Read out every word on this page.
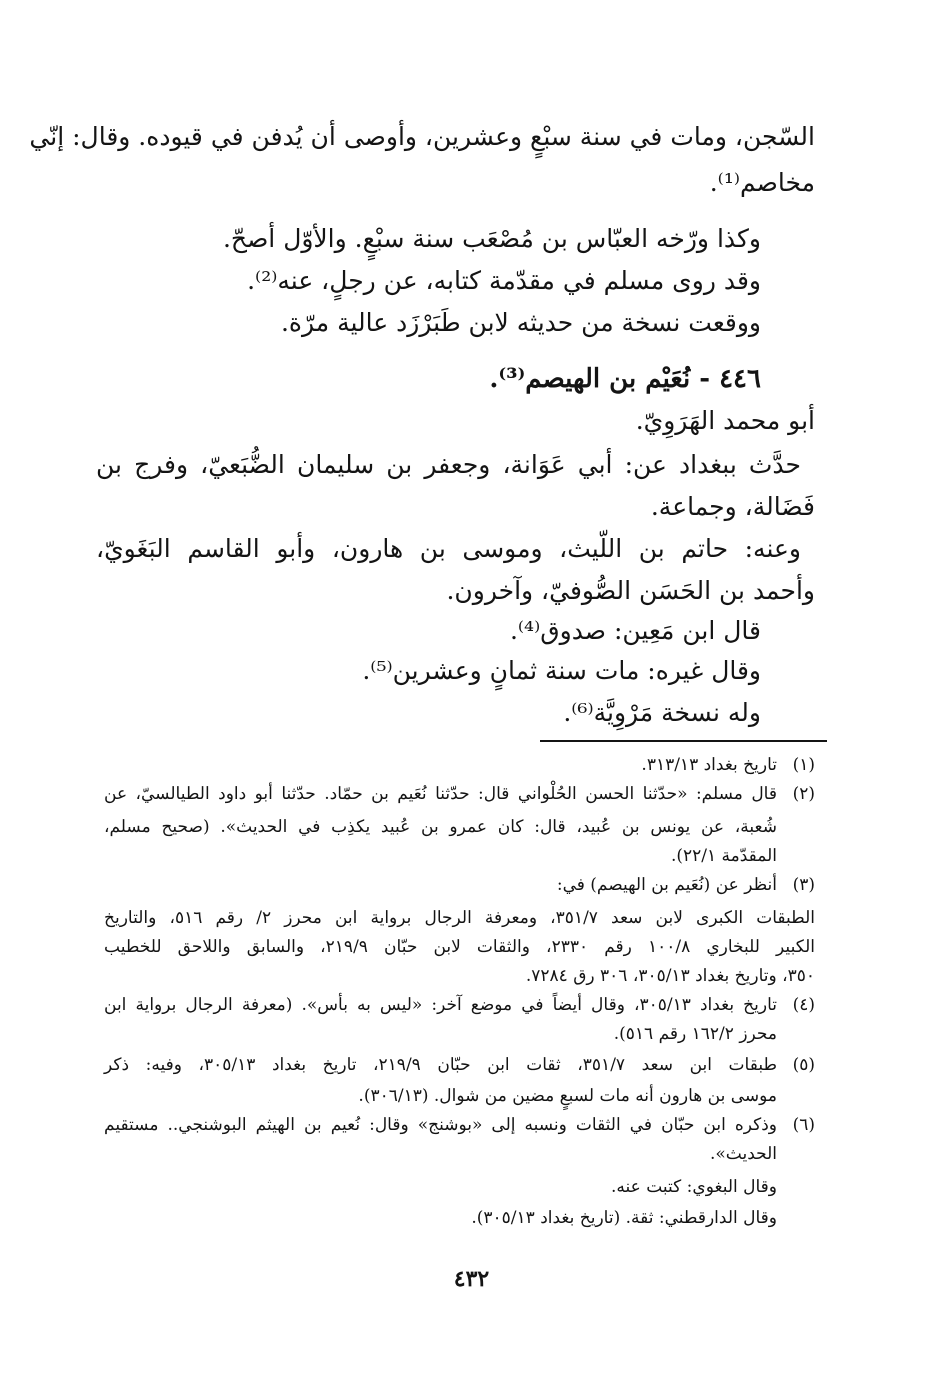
السّجن، ومات في سنة سبْعٍ وعشرين، وأوصى أن يُدفن في قيوده. وقال: إنّي
مخاصم⁽¹⁾.
وكذا ورّخه العبّاس بن مُصْعَب سنة سبْعٍ. والأوّل أصحّ.
وقد روى مسلم في مقدّمة كتابه، عن رجلٍ، عنه⁽²⁾.
ووقعت نسخة من حديثه لابن طَبَرْزَد عالية مرّة.
٤٤٦ - نُعَيْم بن الهيصم⁽³⁾.
أبو محمد الهَرَوِيّ.
حدَّث ببغداد عن: أبي عَوَانة، وجعفر بن سليمان الضُّبَعيّ، وفرج بن
فَضَالة، وجماعة.
وعنه: حاتم بن اللّيث، وموسى بن هارون، وأبو القاسم البَغَويّ،
وأحمد بن الحَسَن الصُّوفيّ، وآخرون.
قال ابن مَعِين: صدوق⁽⁴⁾.
وقال غيره: مات سنة ثمانٍ وعشرين⁽⁵⁾.
وله نسخة مَرْوِيَّة⁽⁶⁾.
(١)
تاريخ بغداد ٣١٣/١٣.
(٢)
قال مسلم: «حدّثنا الحسن الحُلْواني قال: حدّثنا نُعَيم بن حمّاد. حدّثنا أبو داود الطيالسيّ، عن
شُعبة، عن يونس بن عُبيد، قال: كان عمرو بن عُبيد يكذِب في الحديث». (صحيح مسلم،
المقدّمة ٢٢/١).
(٣)
أنظر عن (نُعَيم بن الهيصم) في:
الطبقات الكبرى لابن سعد ٣٥١/٧، ومعرفة الرجال برواية ابن محرز ٢/ رقم ٥١٦، والتاريخ
الكبير للبخاري ١٠٠/٨ رقم ٢٣٣٠، والثقات لابن حبّان ٢١٩/٩، والسابق واللاحق للخطيب
٣٥٠، وتاريخ بغداد ٣٠٥/١٣، ٣٠٦ رق ٧٢٨٤.
(٤)
تاريخ بغداد ٣٠٥/١٣، وقال أيضاً في موضع آخر: «ليس به بأس». (معرفة الرجال برواية ابن
محرز ١٦٢/٢ رقم ٥١٦).
(٥)
طبقات ابن سعد ٣٥١/٧، ثقات ابن حبّان ٢١٩/٩، تاريخ بغداد ٣٠٥/١٣، وفيه: ذكر
موسى بن هارون أنه مات لسبعٍ مضين من شوال. (٣٠٦/١٣).
(٦)
وذكره ابن حبّان في الثقات ونسبه إلى «بوشنج» وقال: نُعيم بن الهيثم البوشنجي.. مستقيم
الحديث».
وقال البغوي: كتبت عنه.
وقال الدارقطني: ثقة. (تاريخ بغداد ٣٠٥/١٣).
٤٣٢
